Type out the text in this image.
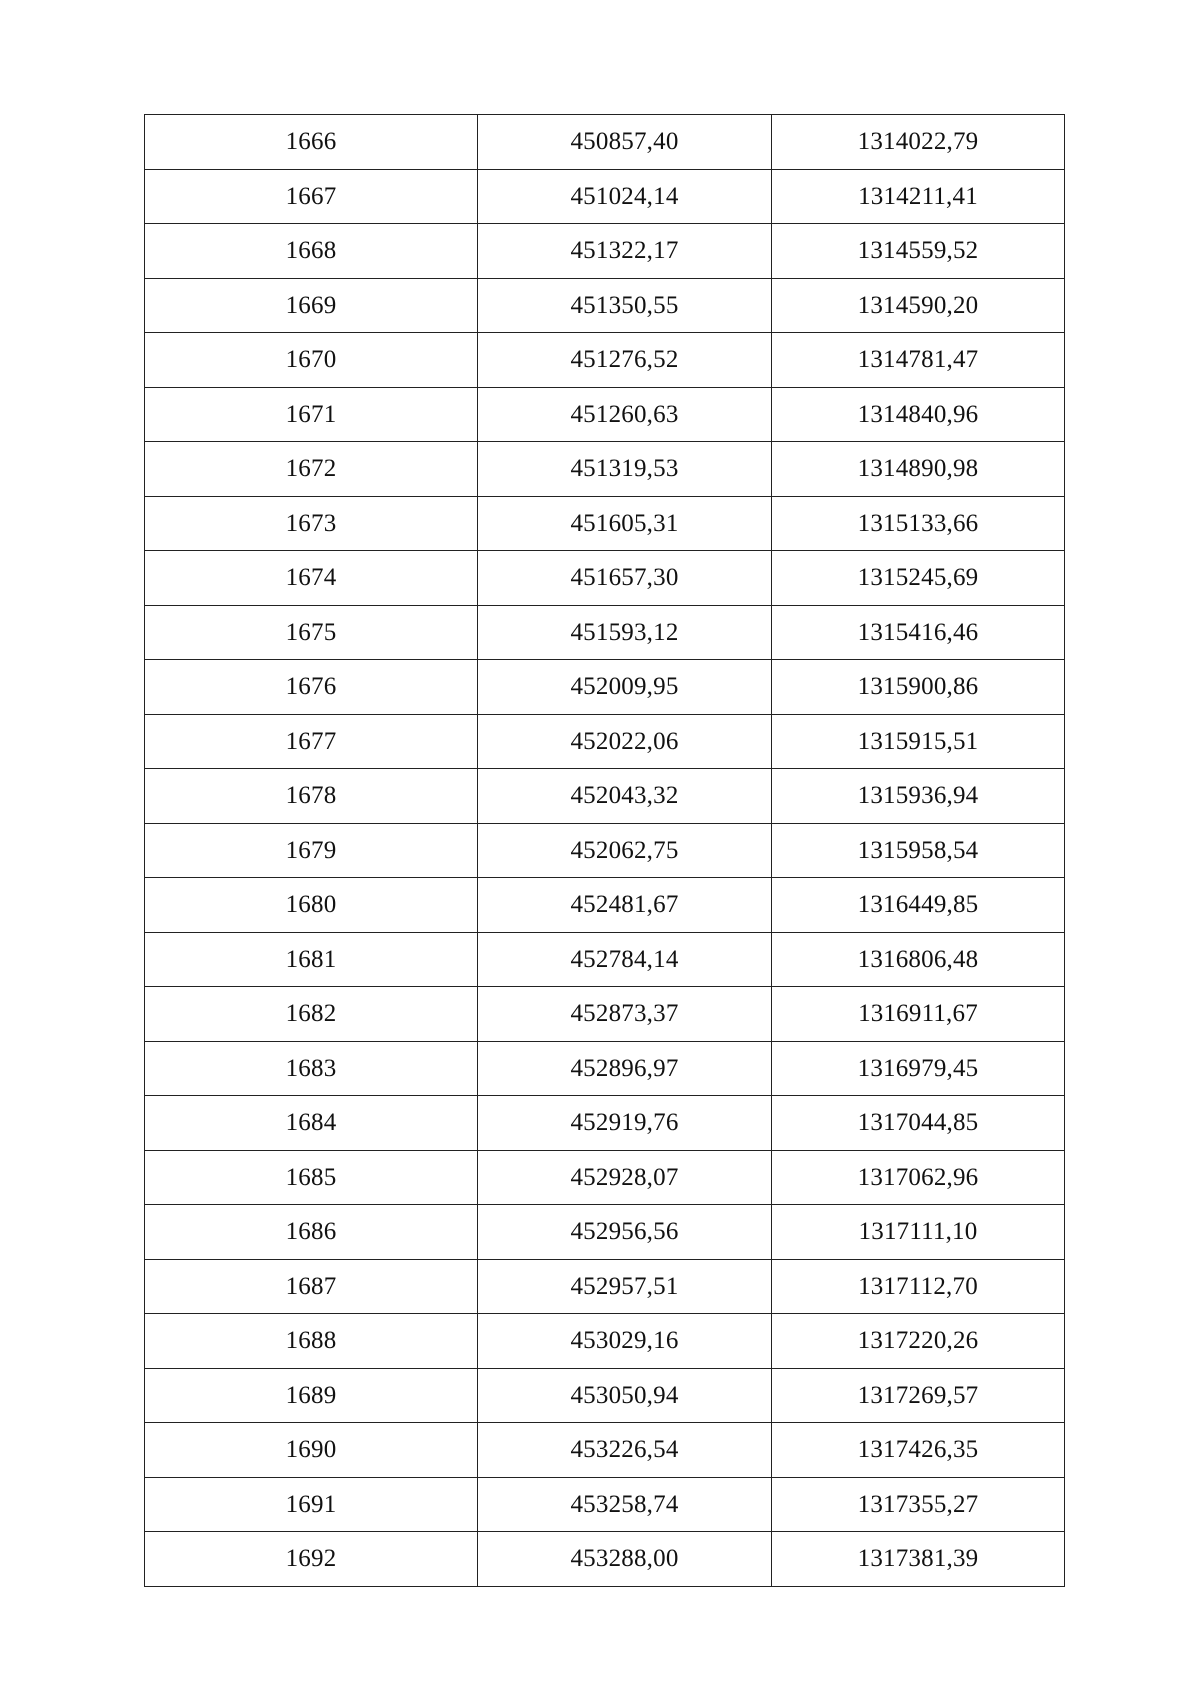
1666	450857,40	1314022,79
1667	451024,14	1314211,41
1668	451322,17	1314559,52
1669	451350,55	1314590,20
1670	451276,52	1314781,47
1671	451260,63	1314840,96
1672	451319,53	1314890,98
1673	451605,31	1315133,66
1674	451657,30	1315245,69
1675	451593,12	1315416,46
1676	452009,95	1315900,86
1677	452022,06	1315915,51
1678	452043,32	1315936,94
1679	452062,75	1315958,54
1680	452481,67	1316449,85
1681	452784,14	1316806,48
1682	452873,37	1316911,67
1683	452896,97	1316979,45
1684	452919,76	1317044,85
1685	452928,07	1317062,96
1686	452956,56	1317111,10
1687	452957,51	1317112,70
1688	453029,16	1317220,26
1689	453050,94	1317269,57
1690	453226,54	1317426,35
1691	453258,74	1317355,27
1692	453288,00	1317381,39
